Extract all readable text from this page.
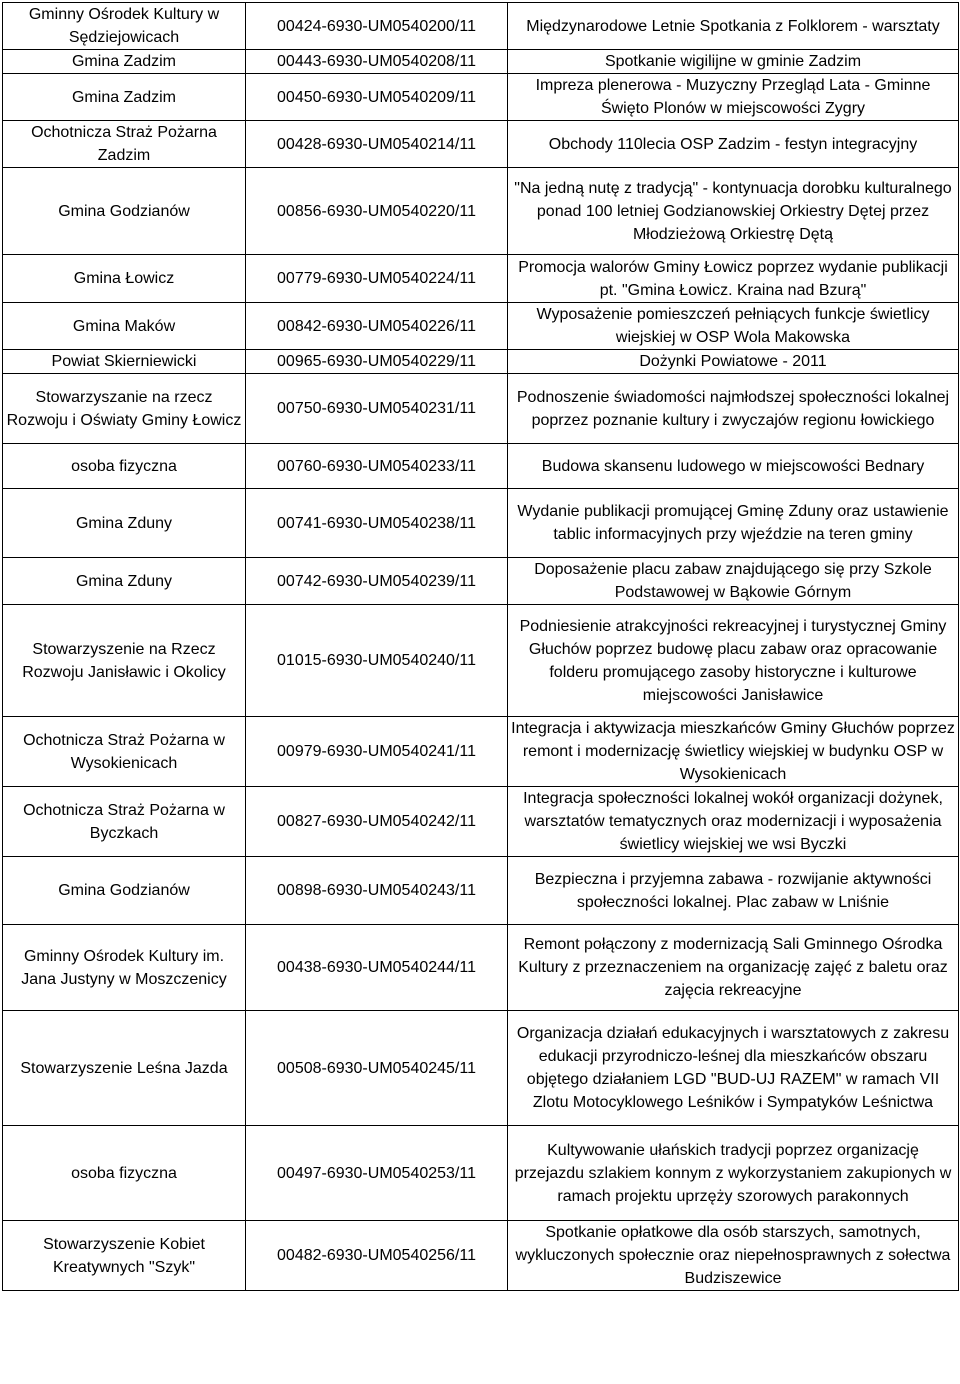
Gminny Ośrodek Kultury w Sędziejowicach	00424-6930-UM0540200/11	Międzynarodowe Letnie Spotkania z Folklorem - warsztaty
Gmina Zadzim	00443-6930-UM0540208/11	Spotkanie wigilijne w gminie Zadzim
Gmina Zadzim	00450-6930-UM0540209/11	Impreza plenerowa - Muzyczny Przegląd Lata - Gminne Święto Plonów w miejscowości Zygry
Ochotnicza Straż Pożarna Zadzim	00428-6930-UM0540214/11	Obchody 110lecia OSP Zadzim - festyn integracyjny
Gmina Godzianów	00856-6930-UM0540220/11	"Na jedną nutę z tradycją" - kontynuacja dorobku kulturalnego ponad 100 letniej Godzianowskiej Orkiestry Dętej przez Młodzieżową Orkiestrę Dętą
Gmina Łowicz	00779-6930-UM0540224/11	Promocja walorów Gminy Łowicz poprzez wydanie publikacji pt. "Gmina Łowicz. Kraina nad Bzurą"
Gmina Maków	00842-6930-UM0540226/11	Wyposażenie pomieszczeń pełniących funkcje świetlicy wiejskiej w OSP Wola Makowska
Powiat Skierniewicki	00965-6930-UM0540229/11	Dożynki Powiatowe - 2011
Stowarzyszanie na rzecz Rozwoju i Oświaty Gminy Łowicz	00750-6930-UM0540231/11	Podnoszenie świadomości najmłodszej społeczności lokalnej poprzez poznanie kultury i zwyczajów regionu łowickiego
osoba fizyczna	00760-6930-UM0540233/11	Budowa skansenu ludowego w miejscowości Bednary
Gmina Zduny	00741-6930-UM0540238/11	Wydanie publikacji promującej Gminę Zduny oraz ustawienie tablic informacyjnych przy wjeździe na teren gminy
Gmina Zduny	00742-6930-UM0540239/11	Doposażenie placu zabaw znajdującego się przy Szkole Podstawowej w Bąkowie Górnym
Stowarzyszenie na Rzecz Rozwoju Janisławic i Okolicy	01015-6930-UM0540240/11	Podniesienie atrakcyjności rekreacyjnej i turystycznej Gminy Głuchów poprzez budowę placu zabaw oraz opracowanie folderu promującego zasoby historyczne i kulturowe miejscowości Janisławice
Ochotnicza Straż Pożarna w Wysokienicach	00979-6930-UM0540241/11	Integracja i aktywizacja mieszkańców Gminy Głuchów poprzez remont i modernizację świetlicy wiejskiej w budynku OSP w Wysokienicach
Ochotnicza Straż Pożarna w Byczkach	00827-6930-UM0540242/11	Integracja społeczności lokalnej wokół organizacji dożynek, warsztatów tematycznych oraz modernizacji i wyposażenia świetlicy wiejskiej we wsi Byczki
Gmina Godzianów	00898-6930-UM0540243/11	Bezpieczna i przyjemna zabawa - rozwijanie aktywności społeczności lokalnej. Plac zabaw w Lniśnie
Gminny Ośrodek Kultury im. Jana Justyny w Moszczenicy	00438-6930-UM0540244/11	Remont połączony z modernizacją Sali Gminnego Ośrodka Kultury z przeznaczeniem na organizację zajęć z baletu oraz zajęcia rekreacyjne
Stowarzyszenie Leśna Jazda	00508-6930-UM0540245/11	Organizacja działań edukacyjnych i warsztatowych z zakresu edukacji przyrodniczo-leśnej dla mieszkańców obszaru objętego działaniem LGD "BUD-UJ RAZEM" w ramach VII Zlotu Motocyklowego Leśników i Sympatyków Leśnictwa
osoba fizyczna	00497-6930-UM0540253/11	Kultywowanie ułańskich tradycji poprzez organizację przejazdu szlakiem konnym z wykorzystaniem zakupionych w ramach projektu uprzęży szorowych parakonnych
Stowarzyszenie Kobiet Kreatywnych "Szyk"	00482-6930-UM0540256/11	Spotkanie opłatkowe dla osób starszych, samotnych, wykluczonych społecznie oraz niepełnosprawnych z sołectwa Budziszewice
